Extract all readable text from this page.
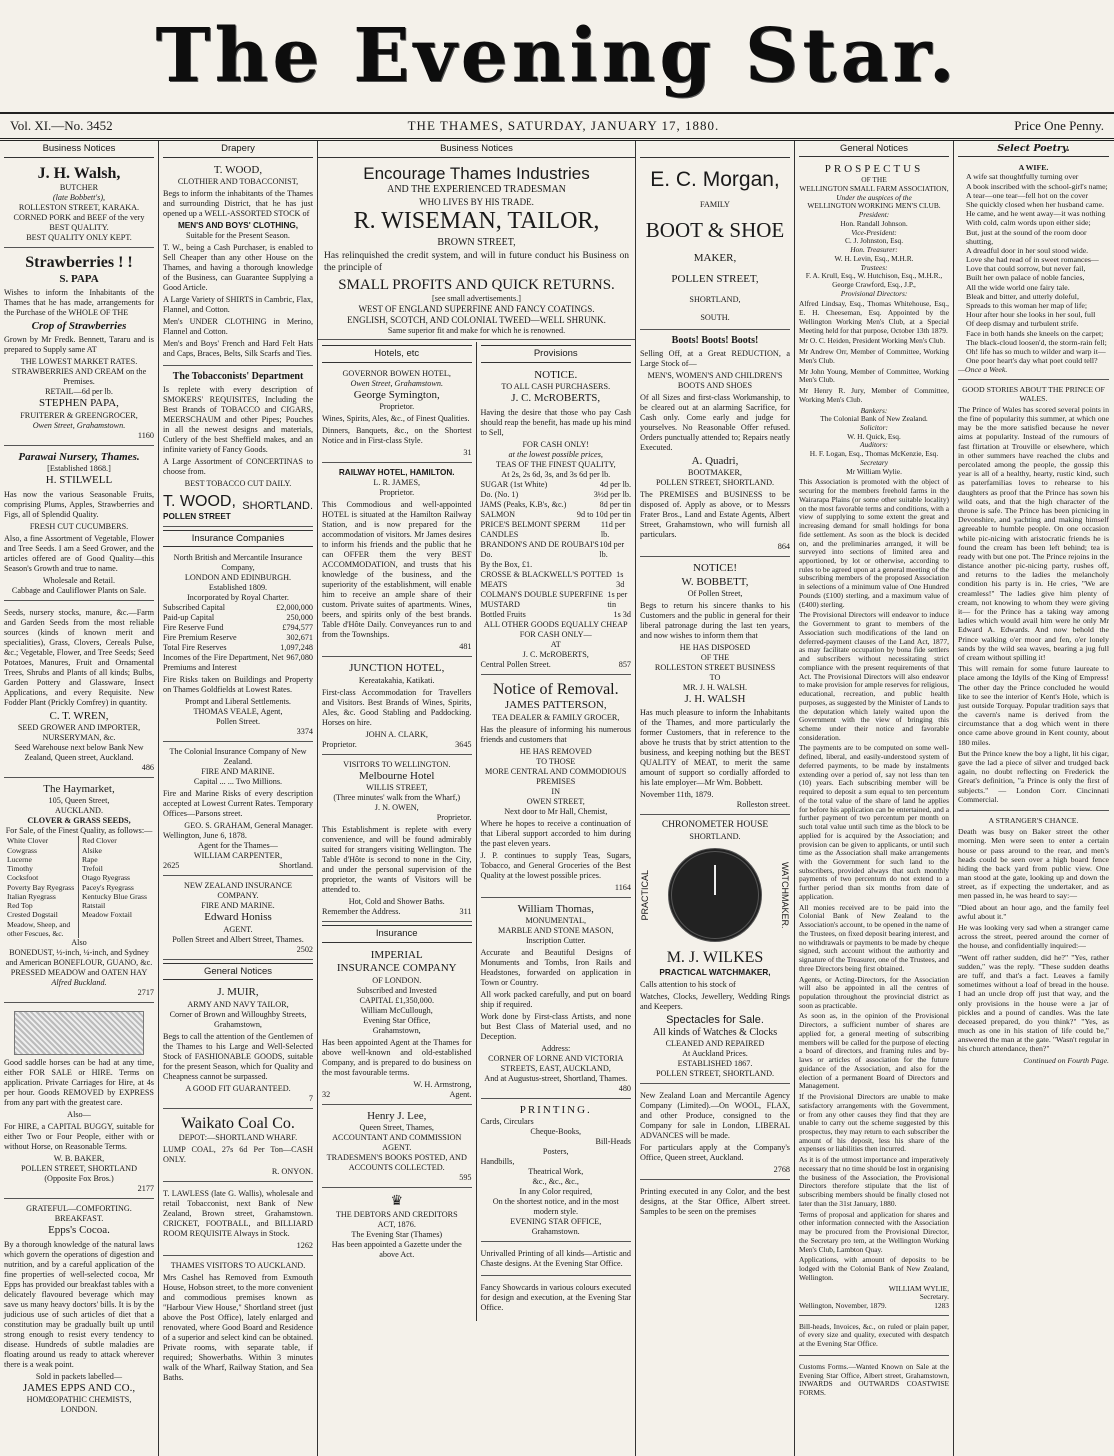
The Evening Star.
Vol. XI.—No. 3452	THE THAMES, SATURDAY, JANUARY 17, 1880.	Price One Penny.
Business Notices
J. H. Walsh,
BUTCHER
(late Bobbett's),
ROLLESTON STREET, KARAKA.
CORNED PORK and BEEF of the very BEST QUALITY.
BEST QUALITY ONLY KEPT.
Strawberries ! !
S. PAPA

Wishes to inform the Inhabitants of the Thames that he has made, arrangements for the Purchase of the WHOLE OF THE

Crop of Strawberries

Grown by Mr Fredk. Bennett, Tararu and is prepared to Supply same AT

THE LOWEST MARKET RATES.
STRAWBERRIES AND CREAM on the Premises.
RETAIL—6d per lb.
STEPHEN PAPA,
FRUITERER & GREENGROCER,
Owen Street, Grahamstown.
1160
Parawai Nursery, Thames.
[Established 1868.]
H. STILWELL

Has now the various Seasonable Fruits, comprising Plums, Apples, Strawberries and Figs, all of Splendid Quality.

FRESH CUT CUCUMBERS.

Also, a fine Assortment of Vegetable, Flower and Tree Seeds. I am a Seed Grower, and the articles offered are of Good Quality—this Season's Growth and true to name.

Wholesale and Retail.
Cabbage and Cauliflower Plants on Sale.

Seeds, nursery stocks, manure, &c.—Farm and Garden Seeds from the most reliable sources (kinds of known merit and specialities), Grass, Clovers, Cereals Pulse, &c.; Vegetable, Flower, and Tree Seeds; Seed Potatoes, Manures, Fruit and Ornamental Trees, Shrubs and Plants of all kinds; Bulbs, Garden Pottery and Glassware, Insect Applications, and every Requisite. New Fodder Plant (Prickly Comfrey) in quantity.

C. T. WREN,
SEED GROWER AND IMPORTER, NURSERYMAN, &c.
Seed Warehouse next below Bank New Zealand, Queen street, Auckland.
486
The Haymarket,
105, Queen Street,
AUCKLAND.
CLOVER & GRASS SEEDS,
For Sale, of the Finest Quality, as follows:—
White Clover
Cowgrass
Lucerne
Timothy
Cocksfoot
Poverty Bay Ryegrass
Italian Ryegrass
Red Top
Crested Dogstail
Meadow, Sheep, and other Fescues, &c.
Red Clover
Alsike
Rape
Trefoil
Otago Ryegrass
Pacey's Ryegrass
Kentucky Blue Grass
Ratstail
Meadow Foxtail
Also
BONEDUST, ½-inch, ¼-inch, and Sydney and American BONEFLOUR, GUANO, &c. PRESSED MEADOW and OATEN HAY
Alfred Buckland.
2717

Good saddle horses can be had at any time, either FOR SALE or HIRE. Terms on application. Private Carriages for Hire, at 4s per hour. Goods REMOVED by EXPRESS from any part with the greatest care.

Also—

For HIRE, a CAPITAL BUGGY, suitable for either Two or Four People, either with or without Horse, on Reasonable Terms.

W. B. BAKER,
POLLEN STREET, SHORTLAND
(Opposite Fox Bros.)
2177
GRATEFUL—COMFORTING.
BREAKFAST.
Epps's Cocoa.

By a thorough knowledge of the natural laws which govern the operations of digestion and nutrition, and by a careful application of the fine properties of well-selected cocoa, Mr Epps has provided our breakfast tables with a delicately flavoured beverage which may save us many heavy doctors' bills. It is by the judicious use of such articles of diet that a constitution may be gradually built up until strong enough to resist every tendency to disease. Hundreds of subtle maladies are floating around us ready to attack wherever there is a weak point.

Sold in packets labelled—
JAMES EPPS AND CO.,
HOMŒOPATHIC CHEMISTS,
LONDON.
Drapery
T. WOOD,
CLOTHIER AND TOBACCONIST,

Begs to inform the inhabitants of the Thames and surrounding District, that he has just opened up a WELL-ASSORTED STOCK of

MEN'S AND BOYS' CLOTHING,
Suitable for the Present Season.

T. W., being a Cash Purchaser, is enabled to Sell Cheaper than any other House on the Thames, and having a thorough knowledge of the Business, can Guarantee Supplying a Good Article.

A Large Variety of SHIRTS in Cambric, Flax, Flannel, and Cotton.

Men's UNDER CLOTHING in Merino, Flannel and Cotton.

Men's and Boys' French and Hard Felt Hats and Caps, Braces, Belts, Silk Scarfs and Ties.

The Tobacconists' Department

Is replete with every description of SMOKERS' REQUISITES, Including the Best Brands of TOBACCO and CIGARS, MEERSCHAUM and other Pipes; Pouches in all the newest designs and materials, Cutlery of the best Sheffield makes, and an infinite variety of Fancy Goods.

A Large Assortment of CONCERTINAS to choose from.

BEST TOBACCO CUT DAILY.
T. WOOD,
POLLEN STREET
SHORTLAND.
Insurance Companies
North British and Mercantile Insurance Company,
LONDON AND EDINBURGH.
Established 1809.
Incorporated by Royal Charter.
Subscribed Capital	£2,000,000
Paid-up Capital	250,000
Fire Reserve Fund	£794,577
Fire Premium Reserve	302,671
Total Fire Reserves	1,097,248
Incomes of the Fire Department, Net Premiums and Interest
967,080

Fire Risks taken on Buildings and Property on Thames Goldfields at Lowest Rates.

Prompt and Liberal Settlements.
THOMAS VEALE, Agent,
Pollen Street.
3374
The Colonial Insurance Company of New Zealand.
FIRE AND MARINE.
Capital ... ... Two Millions.

Fire and Marine Risks of every description accepted at Lowest Current Rates. Temporary Offices—Parsons street.

GEO. S. GRAHAM, General Manager.
Wellington, June 6, 1878.
Agent for the Thames—
WILLIAM CARPENTER,
2625	Shortland.
NEW ZEALAND INSURANCE COMPANY.
FIRE AND MARINE.
Edward Honiss
AGENT.
Pollen Street and Albert Street, Thames.
2502
General Notices
J. MUIR,
ARMY AND NAVY TAILOR,
Corner of Brown and Willoughby Streets, Grahamstown,

Begs to call the attention of the Gentlemen of the Thames to his Large and Well-Selected Stock of FASHIONABLE GOODS, suitable for the present Season, which for Quality and Cheapness cannot be surpassed.

A GOOD FIT GUARANTEED.
7
Waikato Coal Co.
DEPOT:—SHORTLAND WHARF.

LUMP COAL, 27s 6d Per Ton—CASH ONLY.

R. ONYON.

T. LAWLESS (late G. Wallis), wholesale and retail Tobacconist, next Bank of New Zealand, Brown street, Grahamstown. CRICKET, FOOTBALL, and BILLIARD ROOM REQUISITE Always in Stock.

1262
THAMES VISITORS TO AUCKLAND.

Mrs Cashel has Removed from Exmouth House, Hobson street, to the more convenient and commodious premises known as "Harbour View House," Shortland street (just above the Post Office), lately enlarged and renovated, where Good Board and Residence of a superior and select kind can be obtained. Private rooms, with separate table, if required; Showerbaths. Within 3 minutes walk of the Wharf, Railway Station, and Sea Baths.

Business Notices
Encourage Thames Industries
AND THE EXPERIENCED TRADESMAN
WHO LIVES BY HIS TRADE.
R. WISEMAN, TAILOR,
BROWN STREET,

Has relinquished the credit system, and will in future conduct his Business on the principle of

SMALL PROFITS AND QUICK RETURNS.
[see small advertisements.]
WEST OF ENGLAND SUPERFINE AND FANCY COATINGS.
ENGLISH, SCOTCH, AND COLONIAL TWEED—WELL SHRUNK.
Same superior fit and make for which he is renowned.
Hotels, etc
GOVERNOR BOWEN HOTEL,
Owen Street, Grahamstown.
George Symington,
Proprietor.

Wines, Spirits, Ales, &c., of Finest Qualities.

Dinners, Banquets, &c., on the Shortest Notice and in First-class Style.

31
RAILWAY HOTEL, HAMILTON.
L. R. JAMES,
Proprietor.

This Commodious and well-appointed HOTEL is situated at the Hamilton Railway Station, and is now prepared for the accommodation of visitors. Mr James desires to inform his friends and the public that he can OFFER them the very BEST ACCOMMODATION, and trusts that his knowledge of the business, and the superiority of the establishment, will enable him to receive an ample share of their custom. Private suites of apartments. Wines, beers, and spirits only of the best brands. Table d'Hôte Daily. Conveyances run to and from the Townships.

481
JUNCTION HOTEL,
Kereatakahia, Katikati.

First-class Accommodation for Travellers and Visitors. Best Brands of Wines, Spirits, Ales, &c. Good Stabling and Paddocking. Horses on hire.

JOHN A. CLARK,
Proprietor.	3645
VISITORS TO WELLINGTON.
Melbourne Hotel
WILLIS STREET,
(Three minutes' walk from the Wharf,)
J. N. OWEN,
Proprietor.

This Establishment is replete with every convenience, and will be found admirably suited for strangers visiting Wellington. The Table d'Hôte is second to none in the City, and under the personal supervision of the proprietor, the wants of Visitors will be attended to.

Hot, Cold and Shower Baths.
Remember the Address.	311
Insurance
IMPERIAL
INSURANCE COMPANY
OF LONDON.
Subscribed and Invested
CAPITAL £1,350,000.
William McCullough,
Evening Star Office,
Grahamstown,

Has been appointed Agent at the Thames for above well-known and old-established Company, and is prepared to do business on the most favourable terms.

W. H. Armstrong,
32	Agent.
Henry J. Lee,
Queen Street, Thames,
ACCOUNTANT AND COMMISSION AGENT.
TRADESMEN'S BOOKS POSTED, AND ACCOUNTS COLLECTED.
595
♛
THE DEBTORS AND CREDITORS
ACT, 1876.
The Evening Star (Thames)
Has been appointed a Gazette under the above Act.
Provisions
NOTICE.
TO ALL CASH PURCHASERS.
J. C. McROBERTS,

Having the desire that those who pay Cash should reap the benefit, has made up his mind to Sell,

FOR CASH ONLY!
at the lowest possible prices,
TEAS OF THE FINEST QUALITY,
At 2s, 2s 6d, 3s, and 3s 6d per lb.
SUGAR (1st White)	4d per lb.
Do. (No. 1)	3½d per lb.
JAMS (Peaks, K.B's, &c.)	8d per tin
SALMON	9d to 10d per tin
PRICE'S BELMONT SPERM CANDLES
11d per lb.
BRANDON'S AND DE ROUBAI'S Do.
10d per lb.
By the Box, £1.
CROSSE & BLACKWELL'S POTTED MEATS
1s 3d
COLMAN'S DOUBLE SUPERFINE MUSTARD
1s per tin
Bottled Fruits	1s 3d
ALL OTHER GOODS EQUALLY CHEAP FOR CASH ONLY—
AT
J. C. McROBERTS,
Central Pollen Street.	857
Notice of Removal.
JAMES PATTERSON,
TEA DEALER & FAMILY GROCER,

Has the pleasure of informing his numerous friends and customers that

HE HAS REMOVED
TO THOSE
MORE CENTRAL AND COMMODIOUS PREMISES
IN
OWEN STREET,
Next door to Mr Hall, Chemist,

Where he hopes to receive a continuation of that Liberal support accorded to him during the past eleven years.

J. P. continues to supply Teas, Sugars, Tobacco, and General Groceries of the Best Quality at the lowest possible prices.

1164
William Thomas,
MONUMENTAL,
MARBLE AND STONE MASON,
Inscription Cutter.

Accurate and Beautiful Designs of Monuments and Tombs, Iron Rails and Headstones, forwarded on application in Town or Country.

All work packed carefully, and put on board ship if required.

Work done by First-class Artists, and none but Best Class of Material used, and no Deception.

Address:
CORNER OF LORNE AND VICTORIA STREETS, EAST, AUCKLAND,
And at Augustus-street, Shortland, Thames.
480
PRINTING.
Cards, Circulars
Cheque-Books,
Bill-Heads
Posters,
Handbills,
Theatrical Work,
&c., &c., &c.,
In any Color required,
On the shortest notice, and in the most
modern style.
EVENING STAR OFFICE,
Grahamstown.

Unrivalled Printing of all kinds—Artistic and Chaste designs. At the Evening Star Office.

Fancy Showcards in various colours executed for design and execution, at the Evening Star Office.

E. C. Morgan,
FAMILY
BOOT & SHOE
MAKER,
POLLEN STREET,
SHORTLAND,
SOUTH.
Boots! Boots! Boots!

Selling Off, at a Great REDUCTION, a Large Stock of—

MEN'S, WOMEN'S AND CHILDREN'S BOOTS AND SHOES

Of all Sizes and first-class Workmanship, to be cleared out at an alarming Sacrifice, for Cash only. Come early and judge for yourselves. No Reasonable Offer refused. Orders punctually attended to; Repairs neatly Executed.

A. Quadri,
BOOTMAKER,
POLLEN STREET, SHORTLAND.

The PREMISES and BUSINESS to be disposed of. Apply as above, or to Messrs Frater Bros., Land and Estate Agents, Albert Street, Grahamstown, who will furnish all particulars.

864
NOTICE!
W. BOBBETT,
Of Pollen Street,

Begs to return his sincere thanks to his Customers and the public in general for their liberal patronage during the last ten years, and now wishes to inform them that

HE HAS DISPOSED
OF THE
ROLLESTON STREET BUSINESS
TO
MR. J. H. WALSH.
J. H. WALSH

Has much pleasure to inform the Inhabitants of the Thames, and more particularly the former Customers, that in reference to the above he trusts that by strict attention to the business, and keeping nothing but the BEST QUALITY of MEAT, to merit the same amount of support so cordially afforded to his late employer—Mr Wm. Bobbett.

November 11th, 1879.
Rolleston street.
CHRONOMETER HOUSE
SHORTLAND.
PRACTICAL	WATCHMAKER.
M. J. WILKES
PRACTICAL WATCHMAKER,

Calls attention to his stock of

Watches, Clocks, Jewellery, Wedding Rings and Keepers.

Spectacles for Sale.
All kinds of Watches & Clocks
CLEANED AND REPAIRED
At Auckland Prices.
ESTABLISHED 1867.
POLLEN STREET, SHORTLAND.

New Zealand Loan and Mercantile Agency Company (Limited).—On WOOL, FLAX, and other Produce, consigned to the Company for sale in London, LIBERAL ADVANCES will be made.

For particulars apply at the Company's Office, Queen street, Auckland.

2768

Printing executed in any Color, and the best designs, at the Star Office, Albert street. Samples to be seen on the premises

General Notices
PROSPECTUS
OF THE
WELLINGTON SMALL FARM ASSOCIATION,
Under the auspices of the
WELLINGTON WORKING MEN'S CLUB.
President:
Hon. Randall Johnson.
Vice-President:
C. J. Johnston, Esq.
Hon. Treasurer:
W. H. Levin, Esq., M.H.R.
Trustees:
F. A. Krull, Esq., W. Hutchison, Esq., M.H.R., George Crawford, Esq., J.P.,
Provisional Directors:

Alfred Lindsay, Esq., Thomas Whitehouse, Esq., E. H. Cheeseman, Esq. Appointed by the Wellington Working Men's Club, at a Special Meeting held for that purpose, October 13th 1879.

Mr O. C. Heiden, President Working Men's Club.

Mr Andrew Orr, Member of Committee, Working Men's Club.

Mr John Young, Member of Committee, Working Men's Club.

Mr Henry R. Jury, Member of Committee, Working Men's Club.

Bankers:
The Colonial Bank of New Zealand.
Solicitor:
W. H. Quick, Esq.
Auditors:
H. F. Logan, Esq., Thomas McKenzie, Esq.
Secretary
Mr William Wylie.

This Association is promoted with the object of securing for the members freehold farms in the Wairarapa Plains (or some other suitable locality) on the most favorable terms and conditions, with a view of supplying to some extent the great and increasing demand for small holdings for bona fide settlement. As soon as the block is decided on, and the preliminaries arranged, it will be surveyed into sections of limited area and apportioned, by lot or otherwise, according to rules to be agreed upon at a general meeting of the subscribing members of the proposed Association in selections of a minimum value of One Hundred Pounds (£100) sterling, and a maximum value of (£400) sterling.

The Provisional Directors will endeavor to induce the Government to grant to members of the Association such modifications of the land on deferred-payment clauses of the Land Act, 1877, as may facilitate occupation by bona fide settlers and subscribers without necessitating strict compliance with the present requirements of that Act. The Provisional Directors will also endeavor to make provision for ample reserves for religious, educational, recreation, and public health purposes, as suggested by the Minister of Lands to the deputation which lately waited upon the Government with the view of bringing this scheme under their notice and favorable consideration.

The payments are to be computed on some well-defined, liberal, and easily-understood system of deferred payments, to be made by instalments extending over a period of, say not less than ten (10) years. Each subscribing member will be required to deposit a sum equal to ten percentum of the total value of the share of land he applies for before his application can be entertained, and a further payment of two percentum per month on such total value until such time as the block to be applied for is acquired by the Association; and provision can be given to applicants, or until such time as the Association shall make arrangements with the Government for such land to the subscribers, provided always that such monthly payments of two percentum do not extend to a further period than six months from date of application.

All monies received are to be paid into the Colonial Bank of New Zealand to the Association's account, to be opened in the name of the Trustees, on fixed deposit bearing interest, and no withdrawals or payments to be made by cheque signed, such account without the authority and signature of the Treasurer, one of the Trustees, and three Directors being first obtained.

Agents, or Acting-Directors, for the Association will also be appointed in all the centres of population throughout the provincial district as soon as practicable.

As soon as, in the opinion of the Provisional Directors, a sufficient number of shares are applied for, a general meeting of subscribing members will be called for the purpose of electing a board of directors, and framing rules and by-laws or articles of association for the future guidance of the Association, and also for the election of a permanent Board of Directors and Management.

If the Provisional Directors are unable to make satisfactory arrangements with the Government, or from any other causes they find that they are unable to carry out the scheme suggested by this prospectus, they may return to each subscriber the amount of his deposit, less his share of the expenses or liabilities then incurred.

As it is of the utmost importance and imperatively necessary that no time should be lost in organising the business of the Association, the Provisional Directors therefore stipulate that the list of subscribing members should be finally closed not later than the 31st January, 1880.

Terms of proposal and application for shares and other information connected with the Association may be procured from the Provisional Director, the Secretary pro tem, at the Wellington Working Men's Club, Lambton Quay.

Applications, with amount of deposits to be lodged with the Colonial Bank of New Zealand, Wellington.

WILLIAM WYLIE,
Secretary.
Wellington, November, 1879.	1283

Bill-heads, Invoices, &c., on ruled or plain paper, of every size and quality, executed with despatch at the Evening Star Office.

Customs Forms.—Wanted Known on Sale at the Evening Star Office, Albert street, Grahamstown, INWARDS and OUTWARDS COASTWISE FORMS.

Select Poetry.
A WIFE.
A wife sat thoughtfully turning over
A book inscribed with the school-girl's name;
A tear—one tear—fell hot on the cover
She quickly closed when her husband came.
He came, and he went away—it was nothing
With cold, calm words upon either side;
But, just at the sound of the room door shutting,
A dreadful door in her soul stood wide.
Love she had read of in sweet romances—
Love that could sorrow, but never fail,
Built her own palace of noble fancies,
All the wide world one fairy tale.
Bleak and bitter, and utterly doleful,
Spreads to this woman her map of life;
Hour after hour she looks in her soul, full
Of deep dismay and turbulent strife.
Face in both hands she kneels on the carpet;
The black-cloud loosen'd, the storm-rain fell;
Oh! life has so much to wilder and warp it—
One poor heart's day what poet could tell?
—Once a Week.
GOOD STORIES ABOUT THE PRINCE OF WALES.

The Prince of Wales has scored several points in the fine of popularity this summer, at which one may be the more satisfied because he never aims at popularity. Instead of the rumours of fast flirtation at Trouville or elsewhere, which in other summers have reached the clubs and percolated among the people, the gossip this year is all of a healthy, hearty, rustic kind, such as paterfamilias loves to rehearse to his daughters as proof that the Prince has sown his wild oats, and that the high character of the throne is safe. The Prince has been picnicing in Devonshire, and yachting and making himself agreeable to humble people. On one occasion while pic-nicing with aristocratic friends he is found the cream has been left behind; tea is ready with but one pot. The Prince rejoins in the distance another pic-nicing party, rushes off, and returns to the ladies the melancholy condition his party is in. He cries, "We are creamless!" The ladies give him plenty of cream, not knowing to whom they were giving it— for the Prince has a taking way among ladies which would avail him were he only Mr Edward A. Edwards. And now behold the Prince walking o'er moor and fen, o'er lonely sands by the wild sea waves, bearing a jug full of cream without spilling it!

This will remain for some future laureate to place among the Idylls of the King of Empress! The other day the Prince concluded he would like to see the interior of Kent's Hole, which is just outside Torquay. Popular tradition says that the cavern's name is derived from the circumstance that a dog which went in there once came above ground in Kent county, about 180 miles.

But the Prince knew the boy a light, lit his cigar, gave the lad a piece of silver and trudged back again, no doubt reflecting on Frederick the Great's definition, "a Prince is only the first of subjects." — London Corr. Cincinnati Commercial.

A STRANGER'S CHANCE.

Death was busy on Baker street the other morning. Men were seen to enter a certain house or pass around to the rear, and men's heads could be seen over a high board fence hiding the back yard from public view. One man stood at the gate, looking up and down the street, as if expecting the undertaker, and as men passed in, he was heard to say:—

"Died about an hour ago, and the family feel awful about it."

He was looking very sad when a stranger came across the street, peered around the corner of the house, and confidentially inquired:—

"Went off rather sudden, did he?" "Yes, rather sudden," was the reply. "These sudden deaths are tuff, and that's a fact. Leaves a family sometimes without a loaf of bread in the house. I had an uncle drop off just that way, and the only provisions in the house were a jar of pickles and a pound of candles. Was the late deceased prepared, do you think?" "Yes, as much as one in his station of life could be," answered the man at the gate. "Wasn't regular in his church attendance, then?"

Continued on Fourth Page.
